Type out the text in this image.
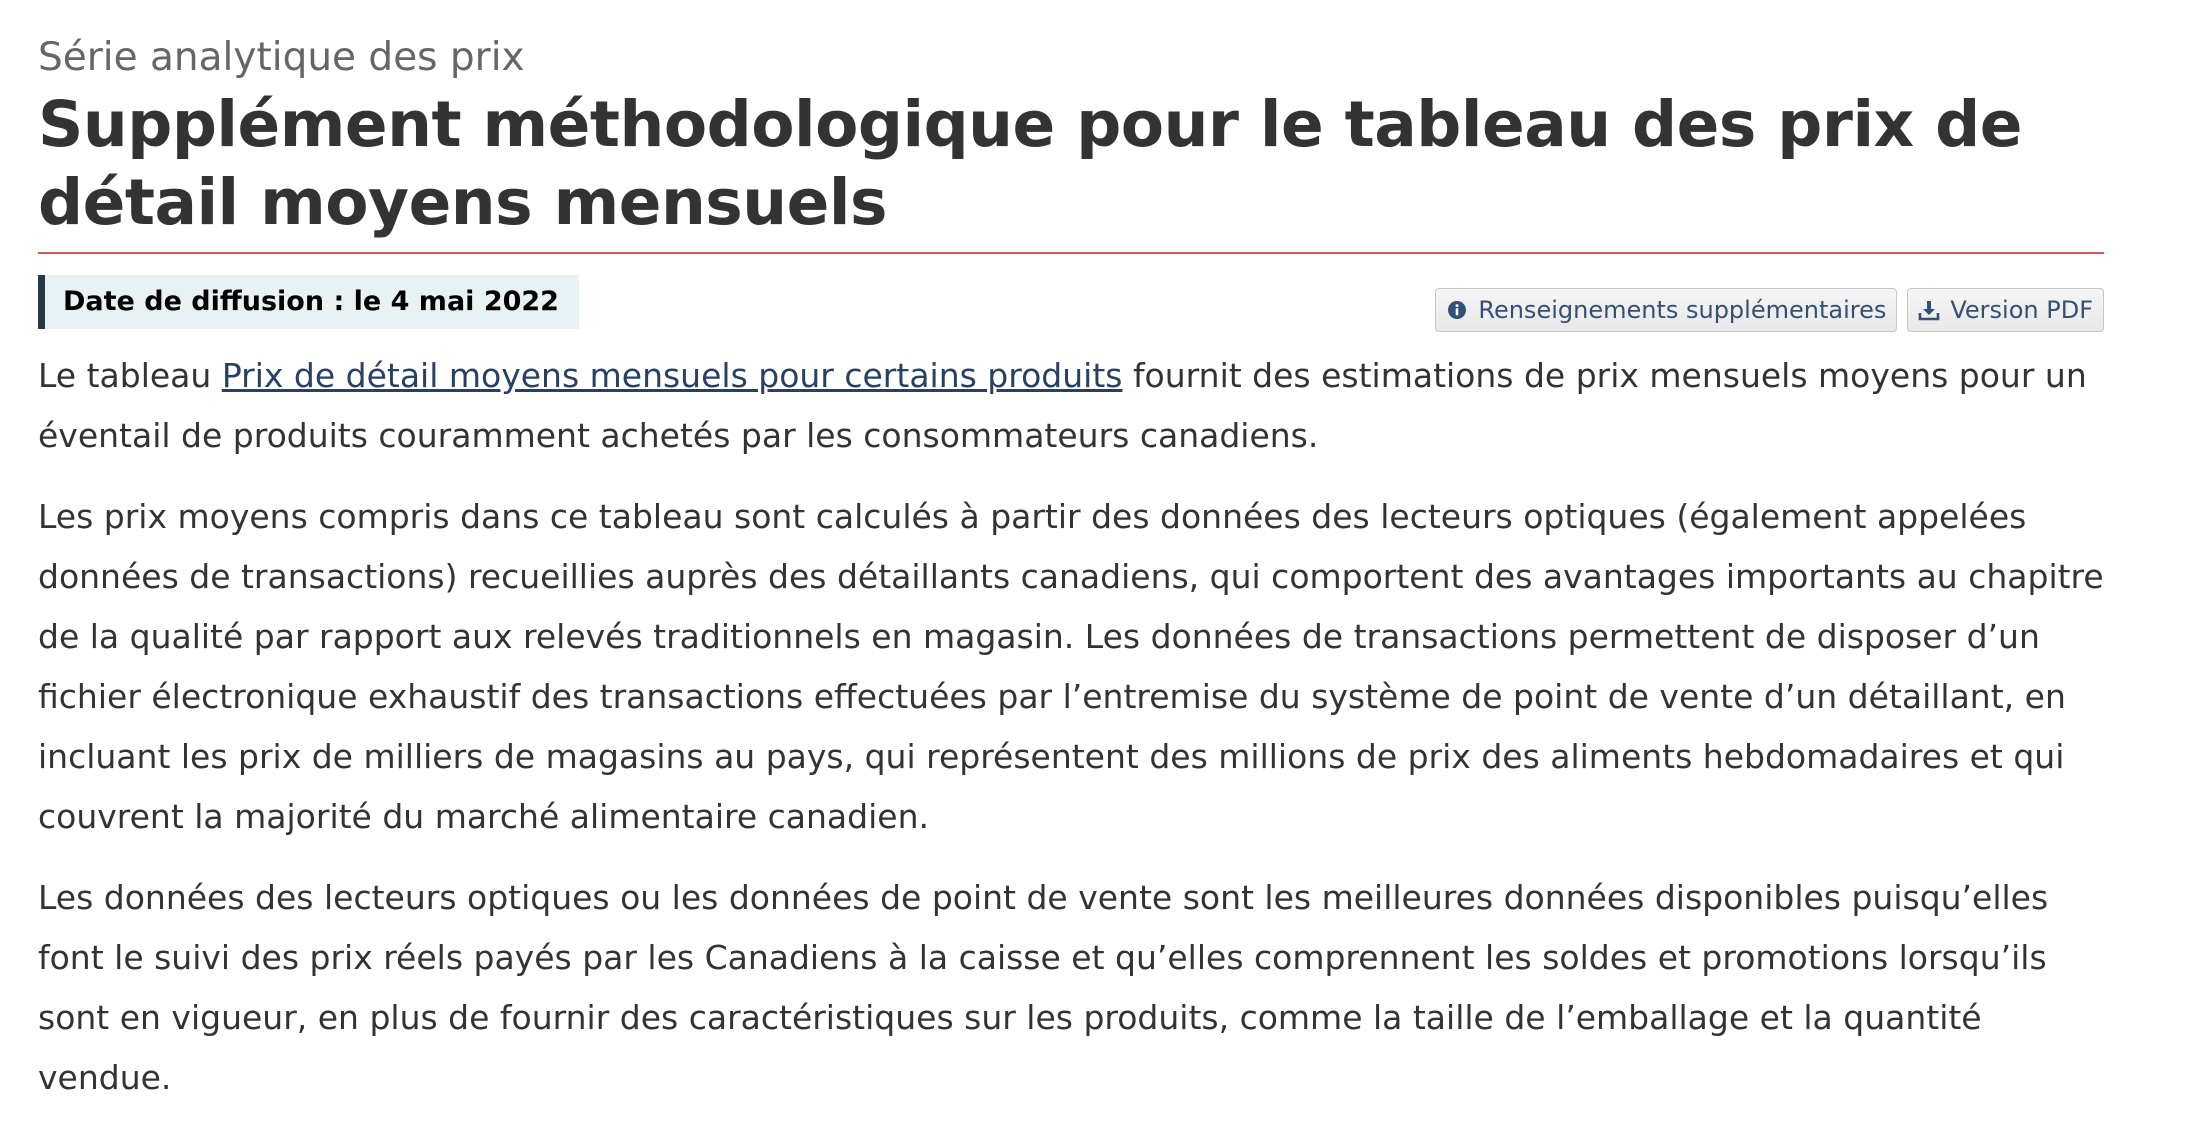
Série analytique des prix
Supplément méthodologique pour le tableau des prix de détail moyens mensuels
Date de diffusion : le 4 mai 2022	Renseignements supplémentaires	Version PDF

Le tableau Prix de détail moyens mensuels pour certains produits fournit des estimations de prix mensuels moyens pour un éventail de produits couramment achetés par les consommateurs canadiens.

Les prix moyens compris dans ce tableau sont calculés à partir des données des lecteurs optiques (également appelées données de transactions) recueillies auprès des détaillants canadiens, qui comportent des avantages importants au chapitre de la qualité par rapport aux relevés traditionnels en magasin. Les données de transactions permettent de disposer d’un fichier électronique exhaustif des transactions effectuées par l’entremise du système de point de vente d’un détaillant, en incluant les prix de milliers de magasins au pays, qui représentent des millions de prix des aliments hebdomadaires et qui couvrent la majorité du marché alimentaire canadien.

Les données des lecteurs optiques ou les données de point de vente sont les meilleures données disponibles puisqu’elles font le suivi des prix réels payés par les Canadiens à la caisse et qu’elles comprennent les soldes et promotions lorsqu’ils sont en vigueur, en plus de fournir des caractéristiques sur les produits, comme la taille de l’emballage et la quantité vendue.
